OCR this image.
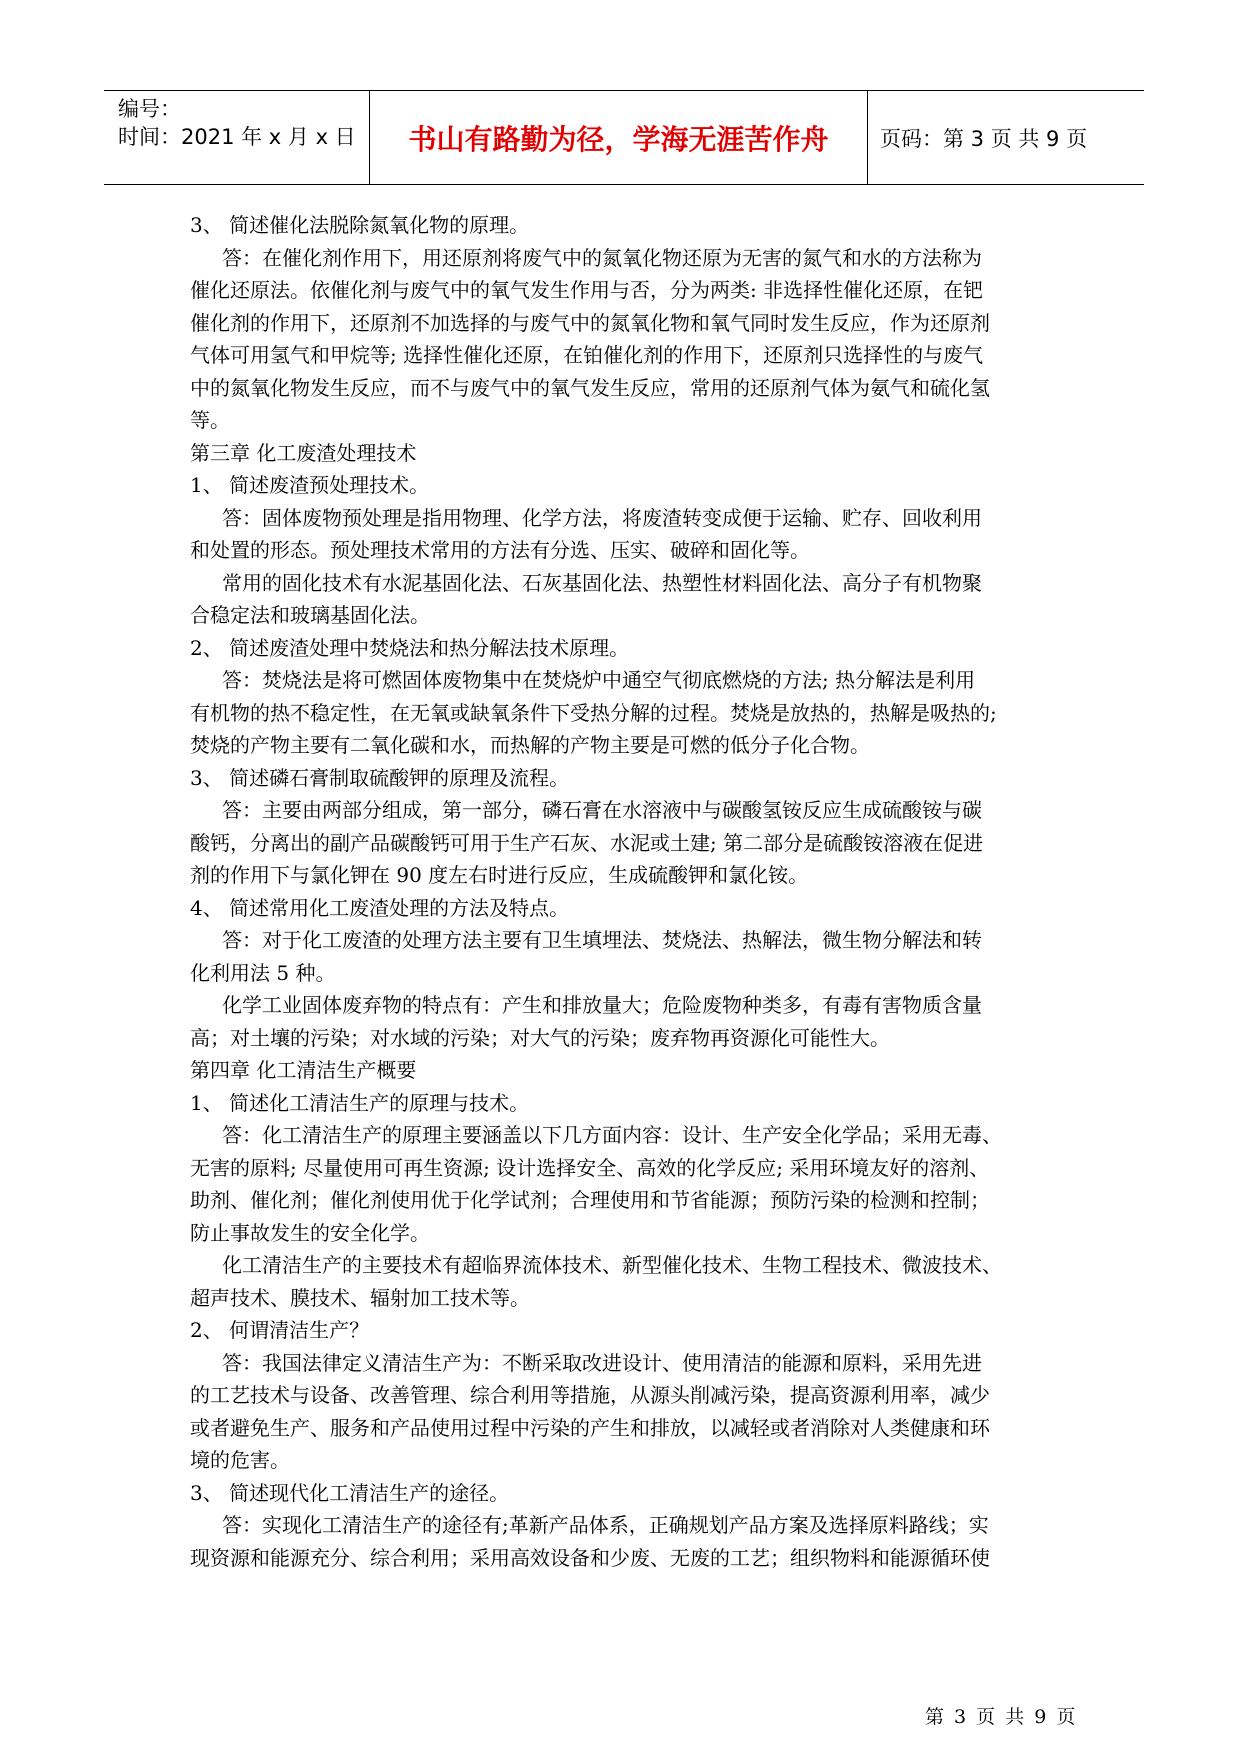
编号：
时间：2021 年 x 月 x 日 书山有路勤为径，学海无涯苦作舟 页码：第 3 页 共 9 页
3、 简述催化法脱除氮氧化物的原理。
答：在催化剂作用下，用还原剂将废气中的氮氧化物还原为无害的氮气和水的方法称为
催化还原法。依催化剂与废气中的氧气发生作用与否，分为两类: 非选择性催化还原，在钯
催化剂的作用下，还原剂不加选择的与废气中的氮氧化物和氧气同时发生反应，作为还原剂
气体可用氢气和甲烷等; 选择性催化还原，在铂催化剂的作用下，还原剂只选择性的与废气
中的氮氧化物发生反应，而不与废气中的氧气发生反应，常用的还原剂气体为氨气和硫化氢
等。
第三章 化工废渣处理技术
1、 简述废渣预处理技术。
答：固体废物预处理是指用物理、化学方法，将废渣转变成便于运输、贮存、回收利用
和处置的形态。预处理技术常用的方法有分选、压实、破碎和固化等。
常用的固化技术有水泥基固化法、石灰基固化法、热塑性材料固化法、高分子有机物聚
合稳定法和玻璃基固化法。
2、 简述废渣处理中焚烧法和热分解法技术原理。
答：焚烧法是将可燃固体废物集中在焚烧炉中通空气彻底燃烧的方法; 热分解法是利用
有机物的热不稳定性，在无氧或缺氧条件下受热分解的过程。焚烧是放热的，热解是吸热的;
焚烧的产物主要有二氧化碳和水，而热解的产物主要是可燃的低分子化合物。
3、 简述磷石膏制取硫酸钾的原理及流程。
答：主要由两部分组成，第一部分，磷石膏在水溶液中与碳酸氢铵反应生成硫酸铵与碳
酸钙，分离出的副产品碳酸钙可用于生产石灰、水泥或土建; 第二部分是硫酸铵溶液在促进
剂的作用下与氯化钾在 90 度左右时进行反应，生成硫酸钾和氯化铵。
4、 简述常用化工废渣处理的方法及特点。
答：对于化工废渣的处理方法主要有卫生填埋法、焚烧法、热解法，微生物分解法和转
化利用法 5 种。
化学工业固体废弃物的特点有：产生和排放量大；危险废物种类多，有毒有害物质含量
高；对土壤的污染；对水域的污染；对大气的污染；废弃物再资源化可能性大。
第四章 化工清洁生产概要
1、 简述化工清洁生产的原理与技术。
答：化工清洁生产的原理主要涵盖以下几方面内容：设计、生产安全化学品；采用无毒、
无害的原料; 尽量使用可再生资源; 设计选择安全、高效的化学反应; 采用环境友好的溶剂、
助剂、催化剂；催化剂使用优于化学试剂；合理使用和节省能源；预防污染的检测和控制；
防止事故发生的安全化学。
化工清洁生产的主要技术有超临界流体技术、新型催化技术、生物工程技术、微波技术、
超声技术、膜技术、辐射加工技术等。
2、 何谓清洁生产？
答：我国法律定义清洁生产为：不断采取改进设计、使用清洁的能源和原料，采用先进
的工艺技术与设备、改善管理、综合利用等措施，从源头削减污染，提高资源利用率，减少
或者避免生产、服务和产品使用过程中污染的产生和排放，以减轻或者消除对人类健康和环
境的危害。
3、 简述现代化工清洁生产的途径。
答：实现化工清洁生产的途径有;革新产品体系，正确规划产品方案及选择原料路线；实
现资源和能源充分、综合利用；采用高效设备和少废、无废的工艺；组织物料和能源循环使
第 3 页 共 9 页
